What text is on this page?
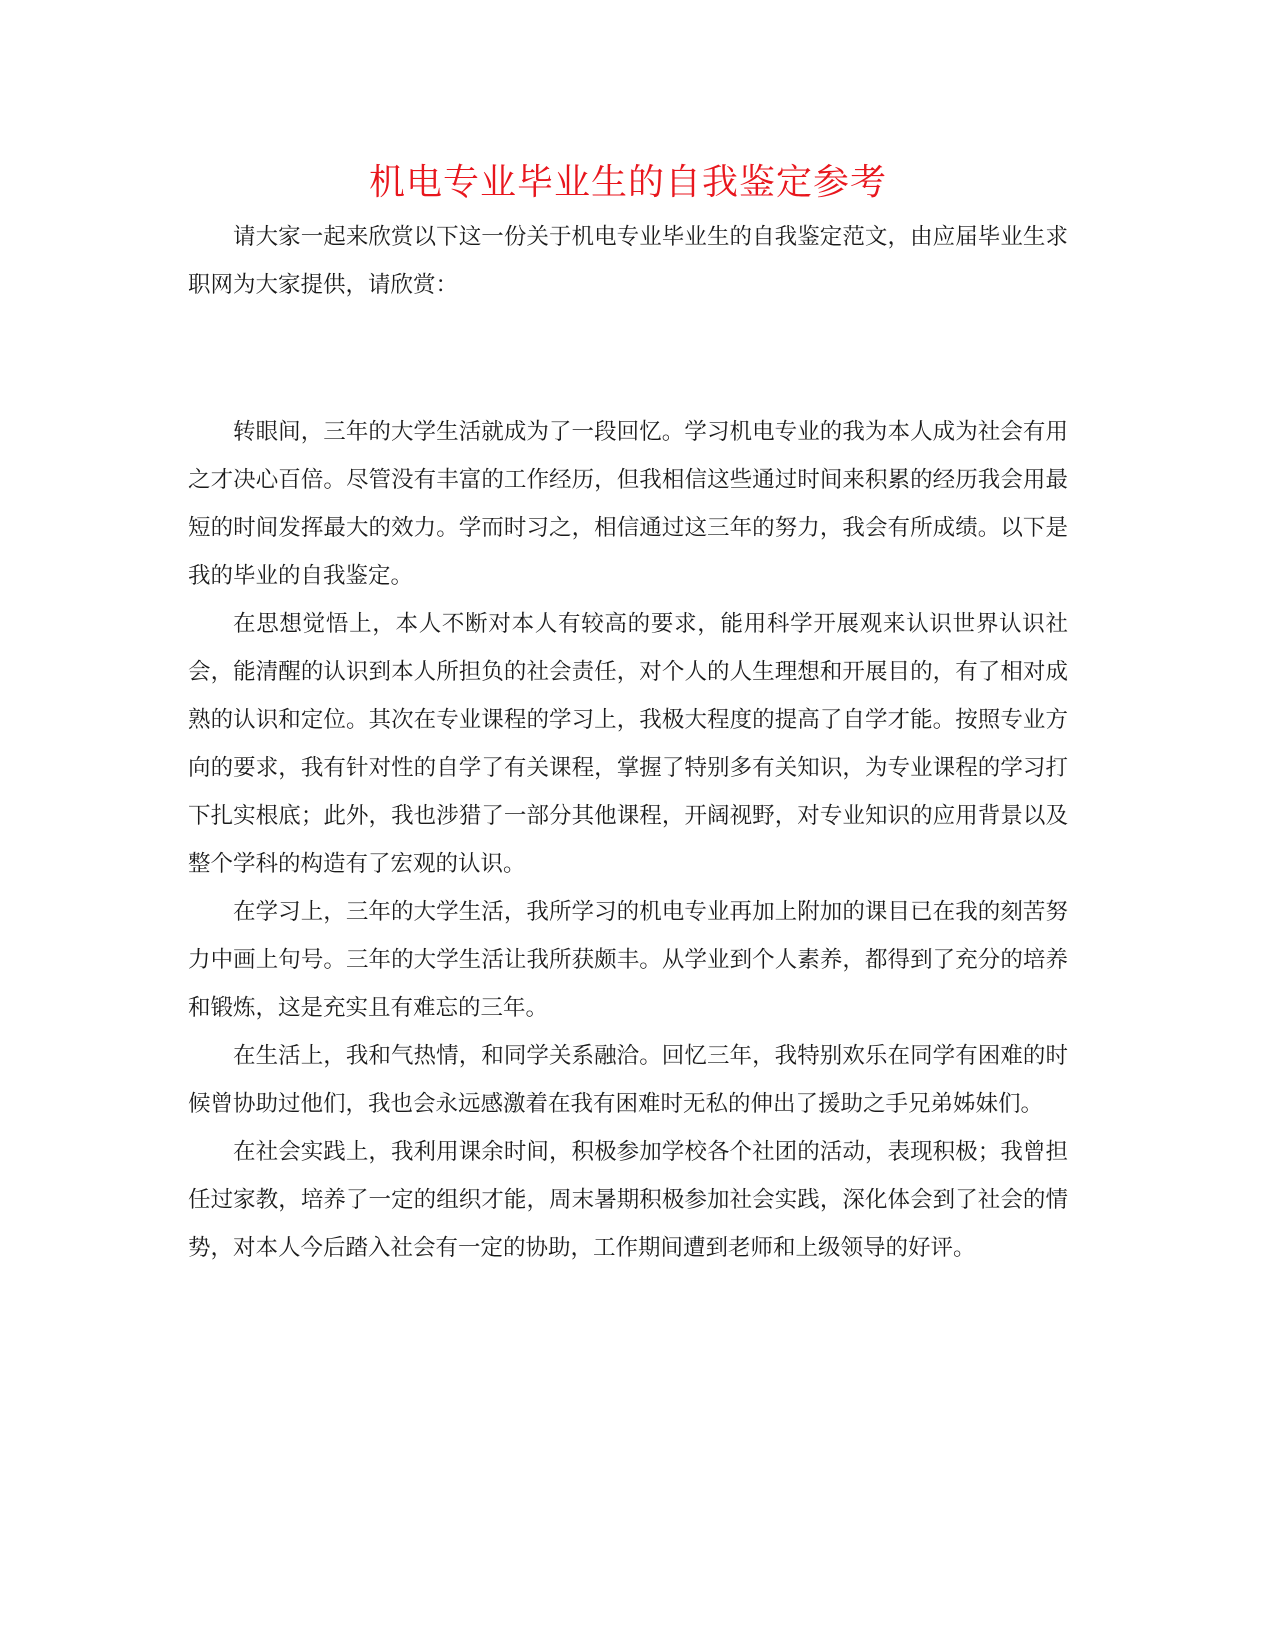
机电专业毕业生的自我鉴定参考

请大家一起来欣赏以下这一份关于机电专业毕业生的自我鉴定范文，由应届毕业生求职网为大家提供，请欣赏：

转眼间，三年的大学生活就成为了一段回忆。学习机电专业的我为本人成为社会有用之才决心百倍。尽管没有丰富的工作经历，但我相信这些通过时间来积累的经历我会用最短的时间发挥最大的效力。学而时习之，相信通过这三年的努力，我会有所成绩。以下是我的毕业的自我鉴定。

在思想觉悟上，本人不断对本人有较高的要求，能用科学开展观来认识世界认识社会，能清醒的认识到本人所担负的社会责任，对个人的人生理想和开展目的，有了相对成熟的认识和定位。其次在专业课程的学习上，我极大程度的提高了自学才能。按照专业方向的要求，我有针对性的自学了有关课程，掌握了特别多有关知识，为专业课程的学习打下扎实根底；此外，我也涉猎了一部分其他课程，开阔视野，对专业知识的应用背景以及整个学科的构造有了宏观的认识。

在学习上，三年的大学生活，我所学习的机电专业再加上附加的课目已在我的刻苦努力中画上句号。三年的大学生活让我所获颇丰。从学业到个人素养，都得到了充分的培养和锻炼，这是充实且有难忘的三年。

在生活上，我和气热情，和同学关系融洽。回忆三年，我特别欢乐在同学有困难的时候曾协助过他们，我也会永远感激着在我有困难时无私的伸出了援助之手兄弟姊妹们。

在社会实践上，我利用课余时间，积极参加学校各个社团的活动，表现积极；我曾担任过家教，培养了一定的组织才能，周末暑期积极参加社会实践，深化体会到了社会的情势，对本人今后踏入社会有一定的协助，工作期间遭到老师和上级领导的好评。
